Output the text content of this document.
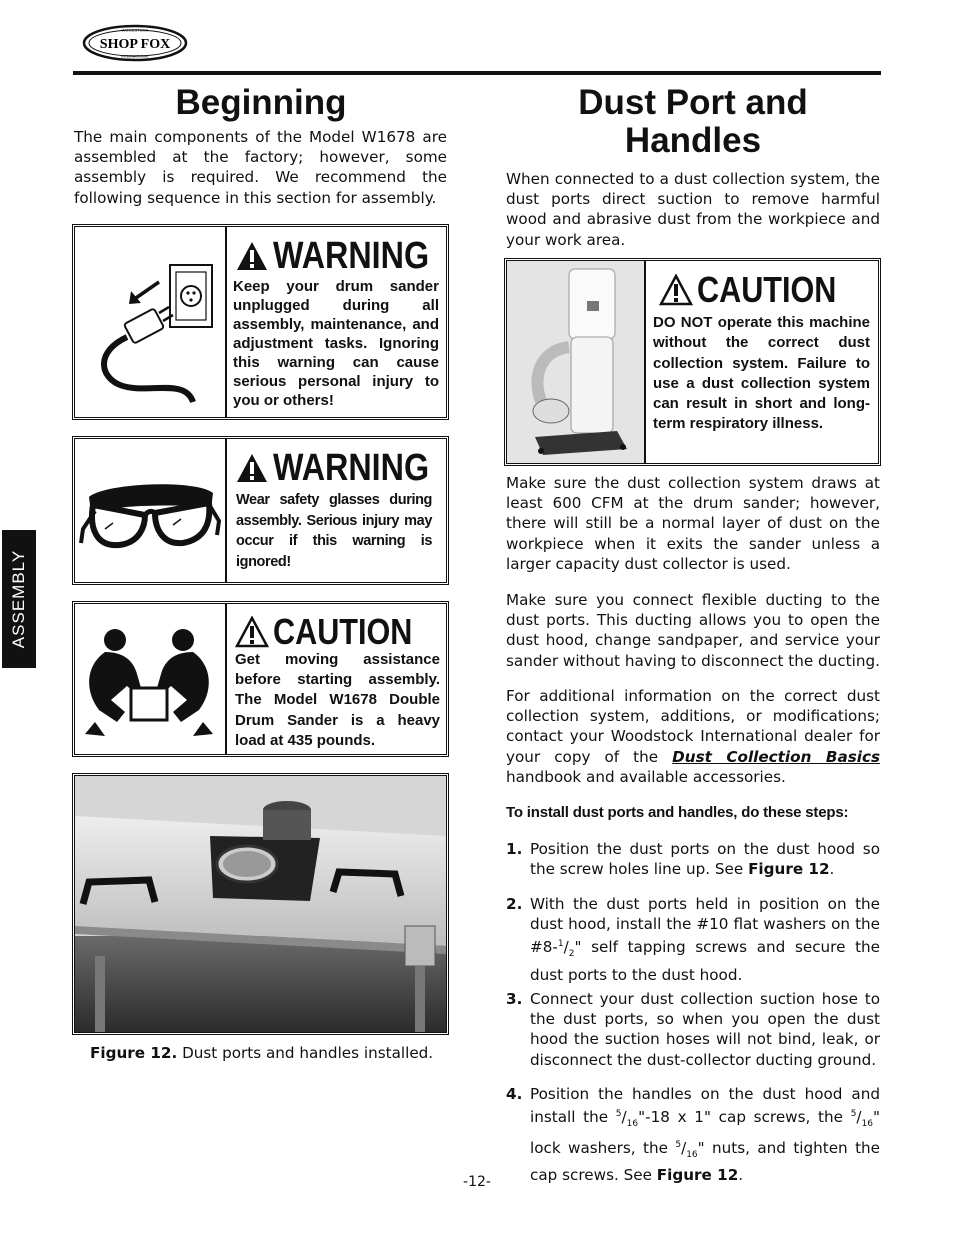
WOODSTOCK
SHOP FOX
INTERNATIONAL
ASSEMBLY
Beginning
The main components of the Model W1678 are assembled at the factory; however, some assembly is required. We recommend the following sequence in this section for assembly.
WARNING
Keep your drum sander unplugged during all assembly, maintenance, and adjustment tasks. Ignoring this warning can cause serious personal injury to you or others!
WARNING
Wear safety glasses during assembly. Serious injury may occur if this warning is ignored!
CAUTION
Get moving assistance before starting assembly. The Model W1678 Double Drum Sander is a heavy load at 435 pounds.
Figure 12. Dust ports and handles installed.
Dust Port and
Handles
When connected to a dust collection system, the dust ports direct suction to remove harmful wood and abrasive dust from the workpiece and your work area.
CAUTION
DO NOT operate this machine without the correct dust collection system. Failure to use a dust collection system can result in short and long-term respiratory illness.
Make sure the dust collection system draws at least 600 CFM at the drum sander; however, there will still be a normal layer of dust on the workpiece when it exits the sander unless a larger capacity dust collector is used.
Make sure you connect flexible ducting to the dust ports. This ducting allows you to open the dust hood, change sandpaper, and service your sander without having to disconnect the ducting.
For additional information on the correct dust collection system, additions, or modifications; contact your Woodstock International dealer for your copy of the Dust Collection Basics handbook and available accessories.
To install dust ports and handles, do these steps:
1. Position the dust ports on the dust hood so the screw holes line up. See Figure 12.
2. With the dust ports held in position on the dust hood, install the #10 flat washers on the $\#8-^1/_2$" self tapping screws and secure the dust ports to the dust hood.
3. Connect your dust collection suction hose to the dust ports, so when you open the dust hood the suction hoses will not bind, leak, or disconnect the dust-collector ducting ground.
4. Position the handles on the dust hood and install the $^5/_{16}"-18$ x 1" cap screws, the $^5/_{16}$" lock washers, the $^5/_{16}$" nuts, and tighten the cap screws. See Figure 12.
-12-
